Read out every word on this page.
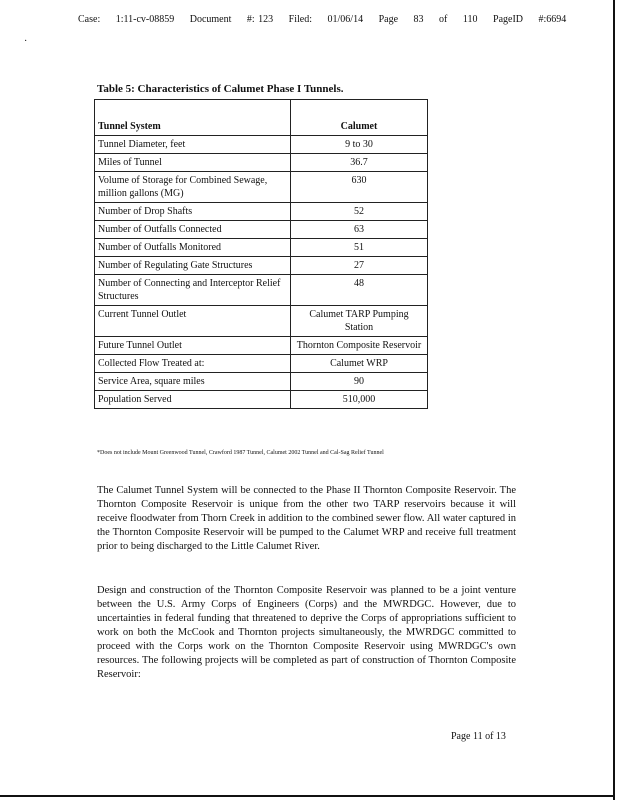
Case: 1:11-cv-08859 Document #: 123 Filed: 01/06/14 Page 83 of 110 PageID #:6694
·
Table 5: Characteristics of Calumet Phase I Tunnels.
Tunnel System	Calumet
Tunnel Diameter, feet	9 to 30
Miles of Tunnel	36.7
Volume of Storage for Combined Sewage, million gallons (MG)	630
Number of Drop Shafts	52
Number of Outfalls Connected	63
Number of Outfalls Monitored	51
Number of Regulating Gate Structures	27
Number of Connecting and Interceptor Relief Structures	48
Current Tunnel Outlet	Calumet TARP Pumping Station
Future Tunnel Outlet	Thornton Composite Reservoir
Collected Flow Treated at:	Calumet WRP
Service Area, square miles	90
Population Served	510,000
*Does not include Mount Greenwood Tunnel, Crawford 1987 Tunnel, Calumet 2002 Tunnel and Cal-Sag Relief Tunnel

The Calumet Tunnel System will be connected to the Phase II Thornton Composite Reservoir. The Thornton Composite Reservoir is unique from the other two TARP reservoirs because it will receive floodwater from Thorn Creek in addition to the combined sewer flow. All water captured in the Thornton Composite Reservoir will be pumped to the Calumet WRP and receive full treatment prior to being discharged to the Little Calumet River.

Design and construction of the Thornton Composite Reservoir was planned to be a joint venture between the U.S. Army Corps of Engineers (Corps) and the MWRDGC. However, due to uncertainties in federal funding that threatened to deprive the Corps of appropriations sufficient to work on both the McCook and Thornton projects simultaneously, the MWRDGC committed to proceed with the Corps work on the Thornton Composite Reservoir using MWRDGC's own resources. The following projects will be completed as part of construction of Thornton Composite Reservoir:

Page 11 of 13
